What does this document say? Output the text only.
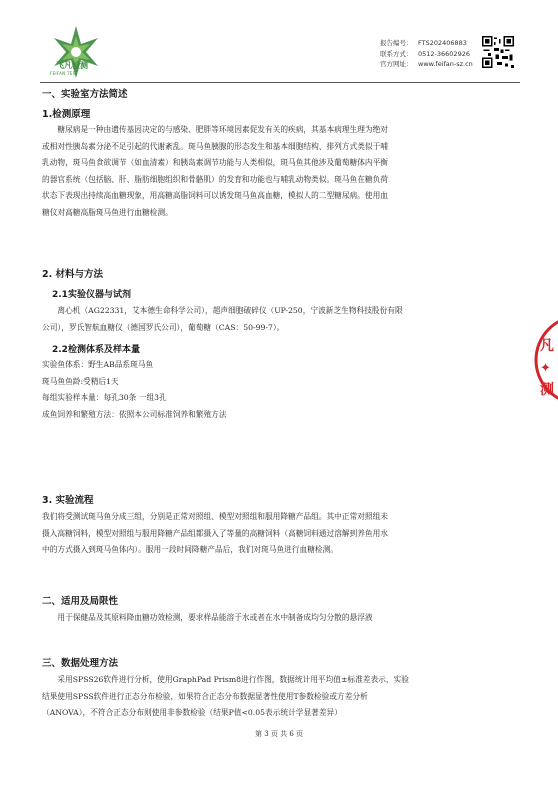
飞凡检测
FEIFAN TEST
报告编号： FTS202406883
联系方式： 0512-36602926
官方网址： www.feifan-sz.cn
一、实验室方法简述
1.检测原理

糖尿病是一种由遗传基因决定的与感染、肥胖等环境因素促发有关的疾病，其基本病理生理为绝对

或相对性胰岛素分泌不足引起的代谢紊乱。斑马鱼胰腺的形态发生和基本细胞结构、排列方式类似于哺

乳动物，斑马鱼食欲调节（如血清素）和胰岛素调节功能与人类相似，斑马鱼其他涉及葡萄糖体内平衡

的器官系统（包括脑、肝、脂肪细胞组织和骨骼肌）的发育和功能也与哺乳动物类似。斑马鱼在糖负荷

状态下表现出持续高血糖现象，用高糖高脂饲料可以诱发斑马鱼高血糖，模拟人的二型糖尿病。使用血

糖仪对高糖高脂斑马鱼进行血糖检测。

2. 材料与方法
2.1实验仪器与试剂

离心机（AG22331，艾本德生命科学公司），超声细胞破碎仪（UP-250，宁波新芝生物科技股份有限

公司），罗氏智航血糖仪（德国罗氏公司），葡萄糖（CAS：50-99-7）。

2.2检测体系及样本量

实验鱼体系：野生AB品系斑马鱼

斑马鱼鱼龄:受精后1天

每组实验样本量：每孔30条 一组3孔

成鱼饲养和繁殖方法：依照本公司标准饲养和繁殖方法

3. 实验流程

我们将受测试斑马鱼分成三组，分别是正常对照组、模型对照组和服用降糖产品组。其中正常对照组未

摄入高糖饲料，模型对照组与服用降糖产品组都摄入了等量的高糖饲料（高糖饲料通过溶解到养鱼用水

中的方式摄入到斑马鱼体内）。服用一段时间降糖产品后，我们对斑马鱼进行血糖检测。

二、适用及局限性

用于保健品及其原料降血糖功效检测，要求样品能溶于水或者在水中制备成均匀分散的悬浮液

三、数据处理方法

采用SPSS26软件进行分析，使用GraphPad Prism8进行作图，数据统计用平均值±标准差表示，实验

结果使用SPSS软件进行正态分布检验，如果符合正态分布数据显著性使用T参数检验或方差分析

（ANOVA），不符合正态分布则使用非参数检验（结果P值<0.05表示统计学显著差异）

第 3 页 共 6 页
凡
✦
测
